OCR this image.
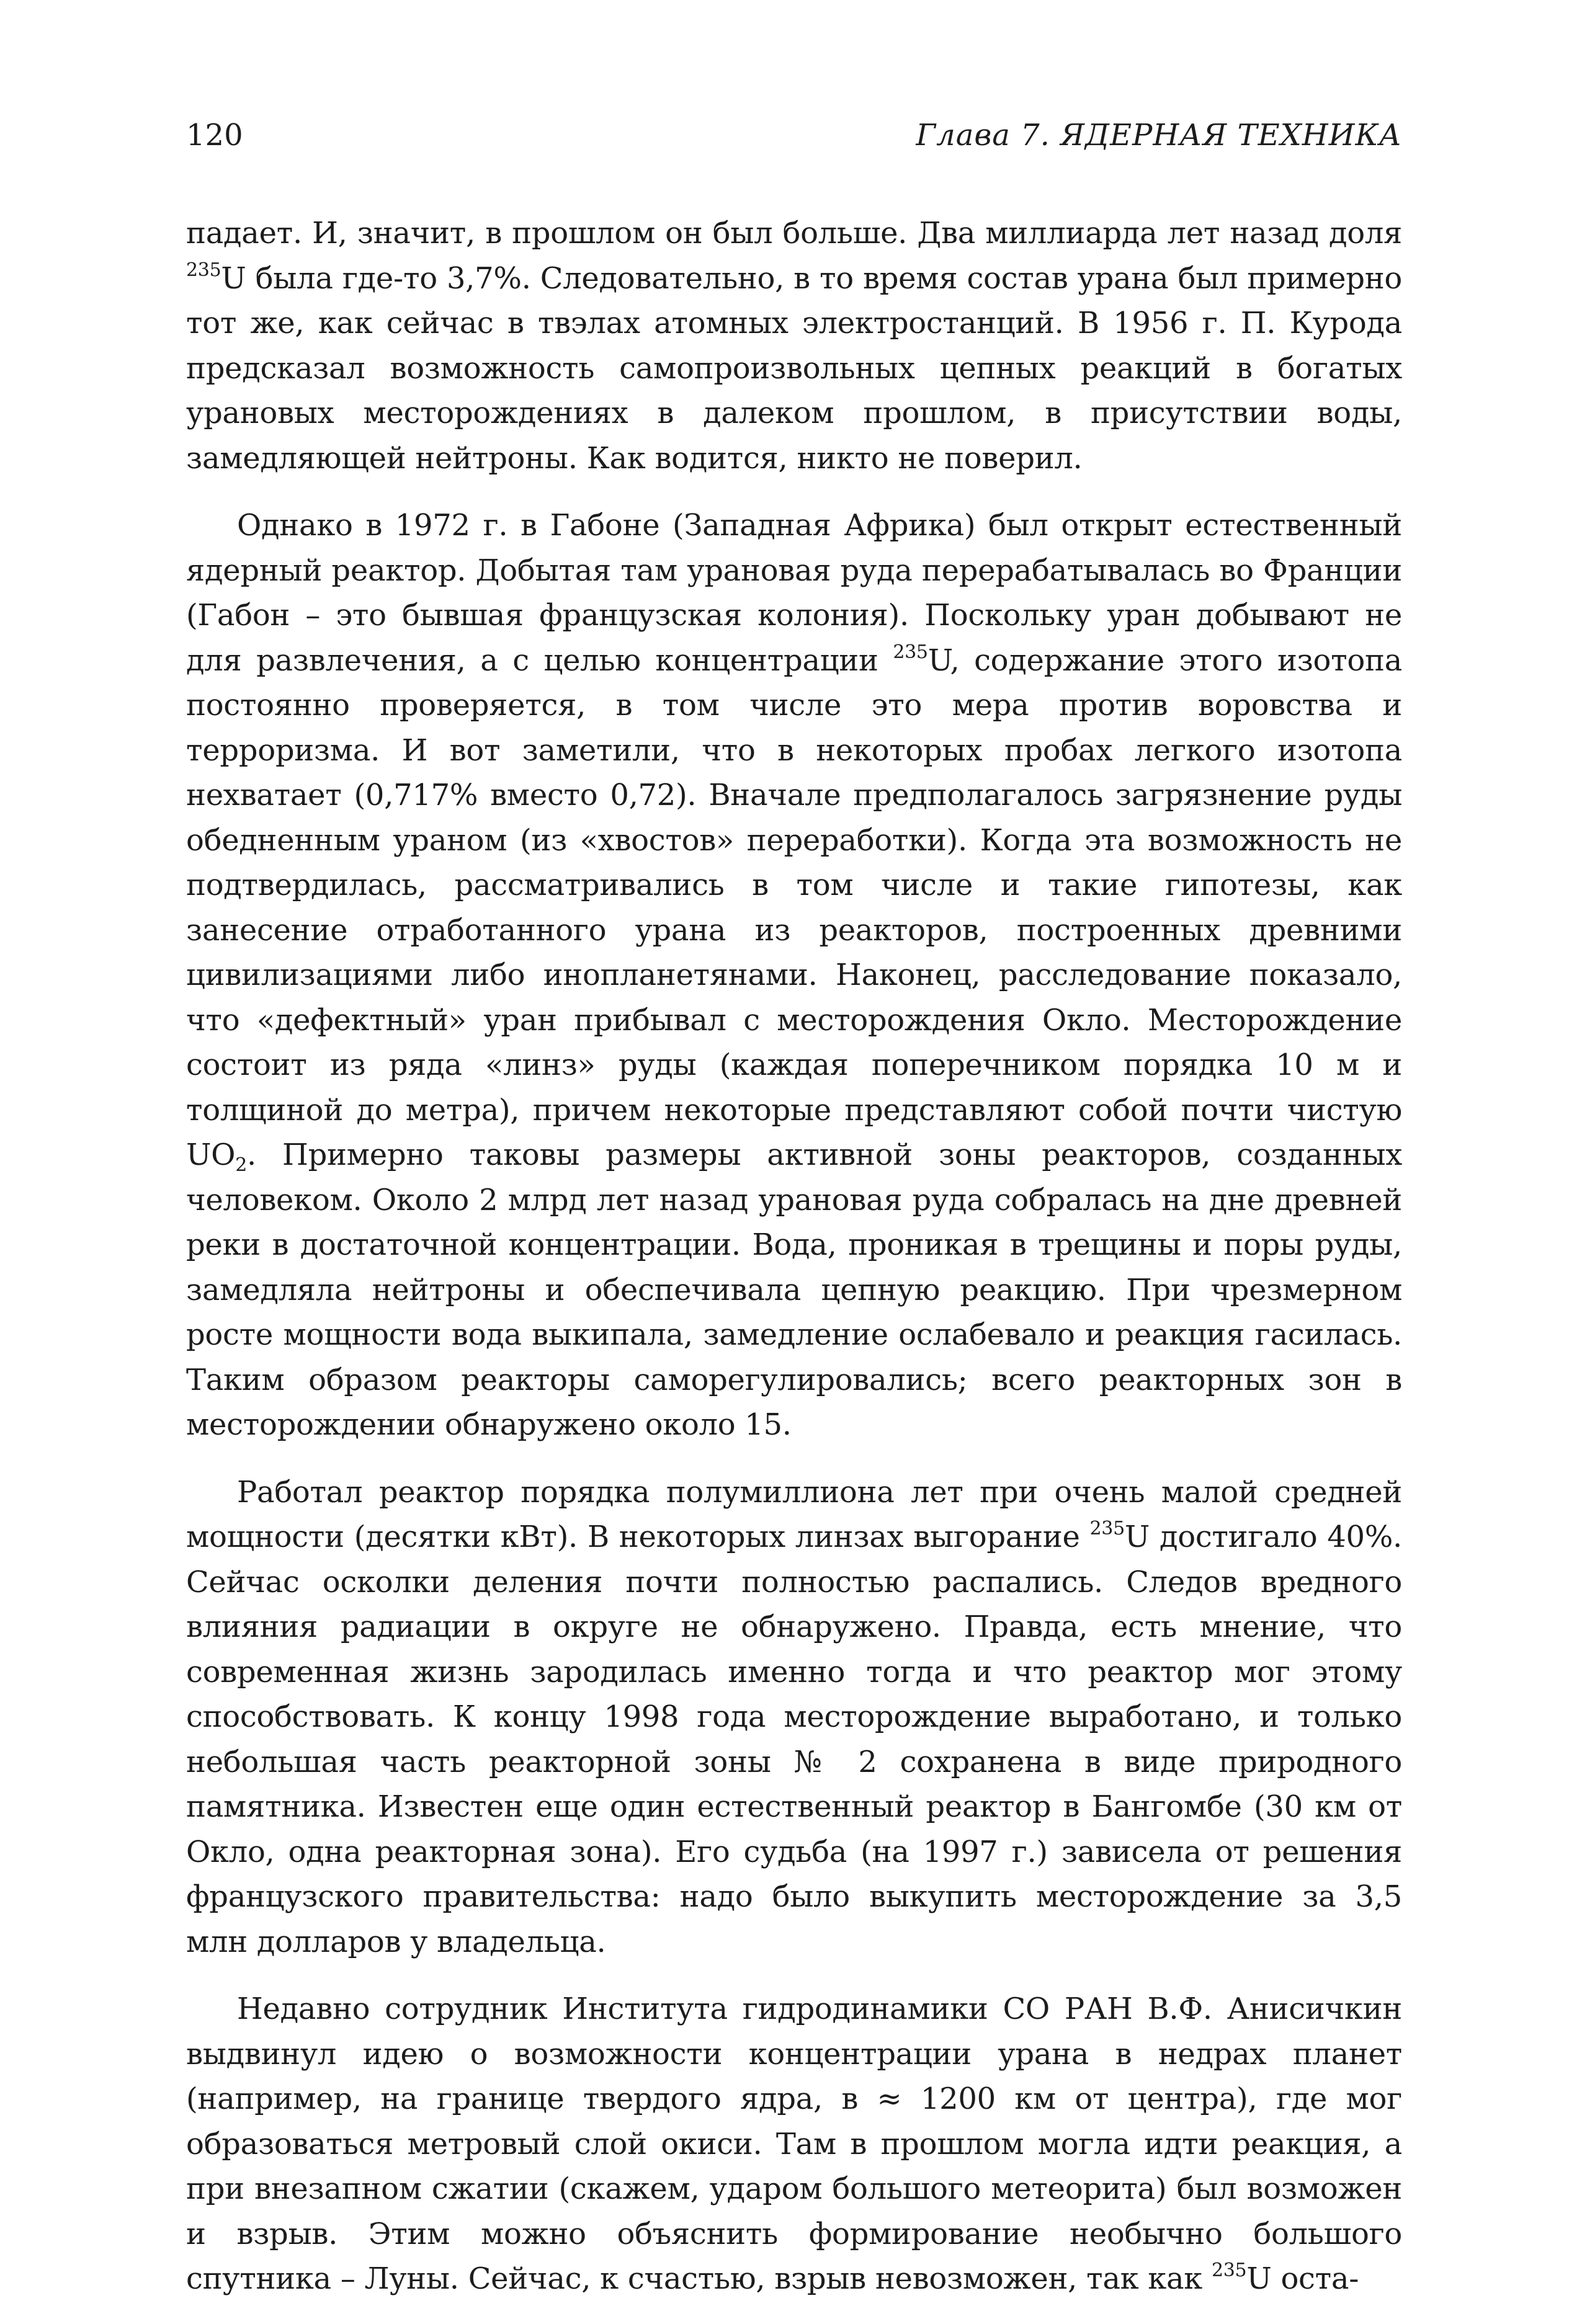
120	Глава 7. ЯДЕРНАЯ ТЕХНИКА

падает. И, значит, в прошлом он был больше. Два миллиарда лет назад доля $^{235}$U была где-то 3,7%. Следовательно, в то время состав урана был примерно тот же, как сейчас в твэлах атомных электростанций. В 1956 г. П. Курода предсказал возможность самопроизвольных цепных реакций в богатых урановых месторождениях в далеком прошлом, в присутствии воды, замедляющей нейтроны. Как водится, никто не поверил.

Однако в 1972 г. в Габоне (Западная Африка) был открыт естественный ядерный реактор. Добытая там урановая руда перерабатывалась во Франции (Габон – это бывшая французская колония). Поскольку уран добывают не для развлечения, а с целью концентрации $^{235}$U, содержание этого изотопа постоянно проверяется, в том числе это мера против воровства и терроризма. И вот заметили, что в некоторых пробах легкого изотопа нехватает (0,717% вместо 0,72). Вначале предполагалось загрязнение руды обедненным ураном (из «хвостов» переработки). Когда эта возможность не подтвердилась, рассматривались в том числе и такие гипотезы, как занесение отработанного урана из реакторов, построенных древними цивилизациями либо инопланетянами. Наконец, расследование показало, что «дефектный» уран прибывал с месторождения Окло. Месторождение состоит из ряда «линз» руды (каждая поперечником порядка 10 м и толщиной до метра), причем некоторые представляют собой почти чистую $UO_2$. Примерно таковы размеры активной зоны реакторов, созданных человеком. Около 2 млрд лет назад урановая руда собралась на дне древней реки в достаточной концентрации. Вода, проникая в трещины и поры руды, замедляла нейтроны и обеспечивала цепную реакцию. При чрезмерном росте мощности вода выкипала, замедление ослабевало и реакция гасилась. Таким образом реакторы саморегулировались; всего реакторных зон в месторождении обнаружено около 15.

Работал реактор порядка полумиллиона лет при очень малой средней мощности (десятки кВт). В некоторых линзах выгорание $^{235}$U достигало 40%. Сейчас осколки деления почти полностью распались. Следов вредного влияния радиации в округе не обнаружено. Правда, есть мнение, что современная жизнь зародилась именно тогда и что реактор мог этому способствовать. К концу 1998 года месторождение выработано, и только небольшая часть реакторной зоны № 2 сохранена в виде природного памятника. Известен еще один естественный реактор в Бангомбе (30 км от Окло, одна реакторная зона). Его судьба (на 1997 г.) зависела от решения французского правительства: надо было выкупить месторождение за 3,5 млн долларов у владельца.

Недавно сотрудник Института гидродинамики СО РАН В.Ф. Анисичкин выдвинул идею о возможности концентрации урана в недрах планет (например, на границе твердого ядра, в ≈ 1200 км от центра), где мог образоваться метровый слой окиси. Там в прошлом могла идти реакция, а при внезапном сжатии (скажем, ударом большого метеорита) был возможен и взрыв. Этим можно объяснить формирование необычно большого спутника – Луны. Сейчас, к счастью, взрыв невозможен, так как $^{235}$U оста-
